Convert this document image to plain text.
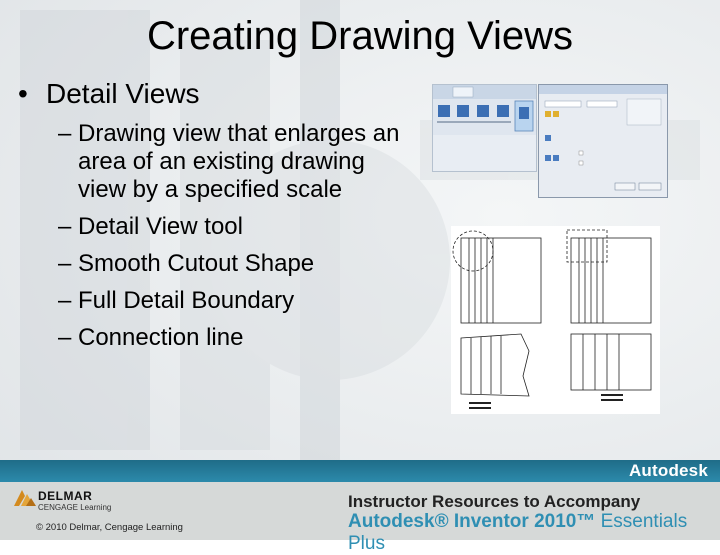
Creating Drawing Views
• Detail Views
– Drawing view that enlarges an area of an existing drawing view by a specified scale
– Detail View tool
– Smooth Cutout Shape
– Full Detail Boundary
– Connection line
Autodesk
DELMAR
CENGAGE Learning
© 2010 Delmar, Cengage Learning
Instructor Resources to Accompany
Autodesk® Inventor 2010™ Essentials Plus
